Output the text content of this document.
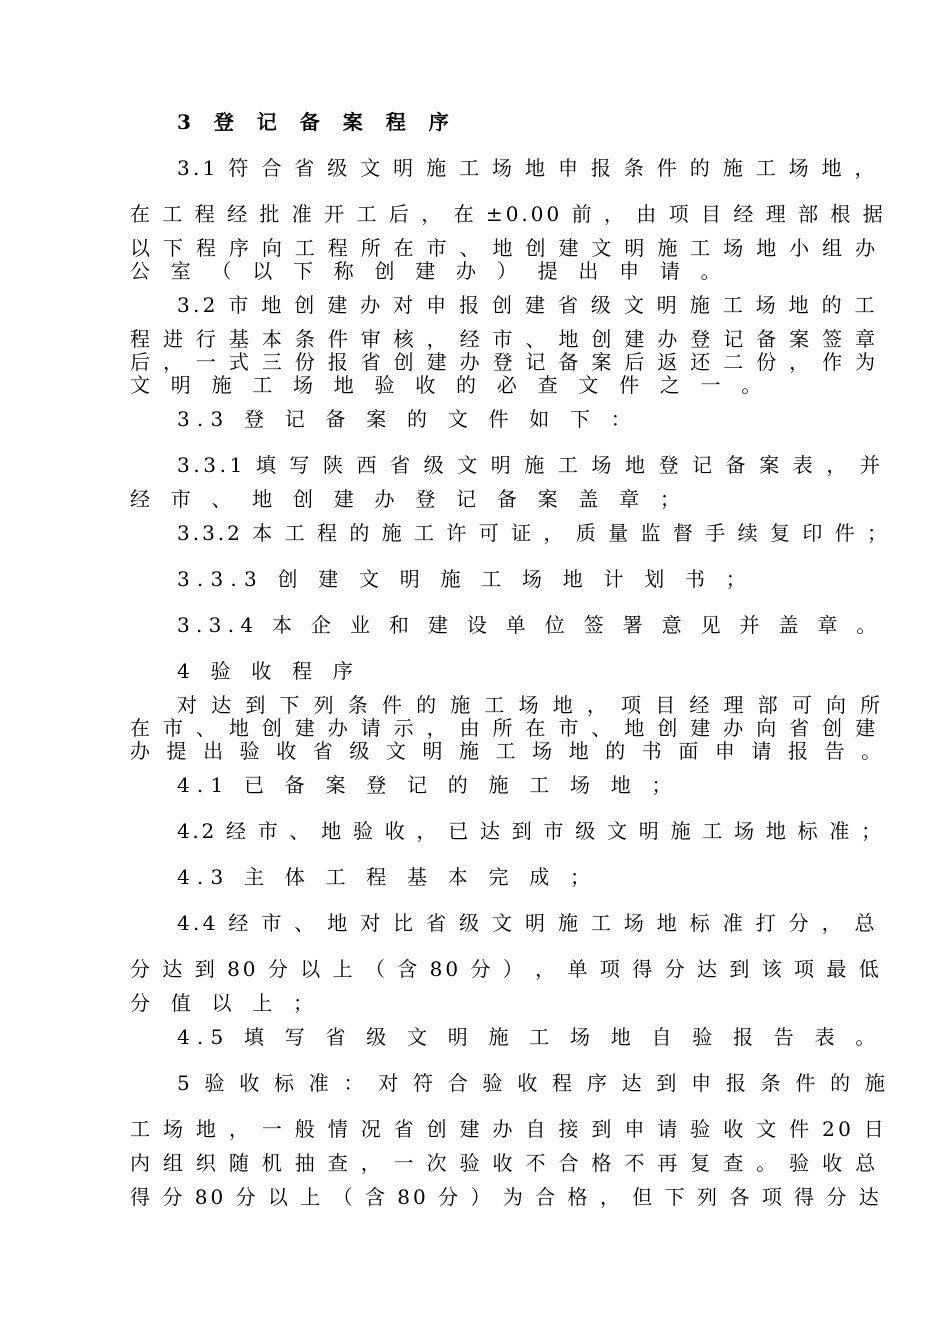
3 登 记 备 案 程 序
3.1 符 合 省 级 文 明 施 工 场 地 申 报 条 件 的 施 工 场 地 ，
在 工 程 经 批 准 开 工 后 ， 在 ±0.00 前 ， 由 项 目 经 理 部 根 据
以 下 程 序 向 工 程 所 在 市 、 地 创 建 文 明 施 工 场 地 小 组 办
公 室 （ 以 下 称 创 建 办 ） 提 出 申 请 。
3.2 市 地 创 建 办 对 申 报 创 建 省 级 文 明 施 工 场 地 的 工
程 进 行 基 本 条 件 审 核 ， 经 市 、 地 创 建 办 登 记 备 案 签 章
后 ， 一 式 三 份 报 省 创 建 办 登 记 备 案 后 返 还 二 份 ， 作 为
文 明 施 工 场 地 验 收 的 必 查 文 件 之 一 。
3.3 登 记 备 案 的 文 件 如 下 ：
3.3.1 填 写 陕 西 省 级 文 明 施 工 场 地 登 记 备 案 表 ， 并
经 市 、 地 创 建 办 登 记 备 案 盖 章 ；
3.3.2 本 工 程 的 施 工 许 可 证 ， 质 量 监 督 手 续 复 印 件 ；
3.3.3 创 建 文 明 施 工 场 地 计 划 书 ；
3.3.4 本 企 业 和 建 设 单 位 签 署 意 见 并 盖 章 。
4 验 收 程 序
对 达 到 下 列 条 件 的 施 工 场 地 ， 项 目 经 理 部 可 向 所
在 市 、 地 创 建 办 请 示 ， 由 所 在 市 、 地 创 建 办 向 省 创 建
办 提 出 验 收 省 级 文 明 施 工 场 地 的 书 面 申 请 报 告 。
4.1 已 备 案 登 记 的 施 工 场 地 ；
4.2 经 市 、 地 验 收 ， 已 达 到 市 级 文 明 施 工 场 地 标 准 ；
4.3 主 体 工 程 基 本 完 成 ；
4.4 经 市 、 地 对 比 省 级 文 明 施 工 场 地 标 准 打 分 ， 总
分 达 到 80 分 以 上 （ 含 80 分 ） ， 单 项 得 分 达 到 该 项 最 低
分 值 以 上 ；
4.5 填 写 省 级 文 明 施 工 场 地 自 验 报 告 表 。
5 验 收 标 准 ： 对 符 合 验 收 程 序 达 到 申 报 条 件 的 施
工 场 地 ， 一 般 情 况 省 创 建 办 自 接 到 申 请 验 收 文 件 20 日
内 组 织 随 机 抽 查 ， 一 次 验 收 不 合 格 不 再 复 查 。 验 收 总
得 分 80 分 以 上 （ 含 80 分 ） 为 合 格 ， 但 下 列 各 项 得 分 达
